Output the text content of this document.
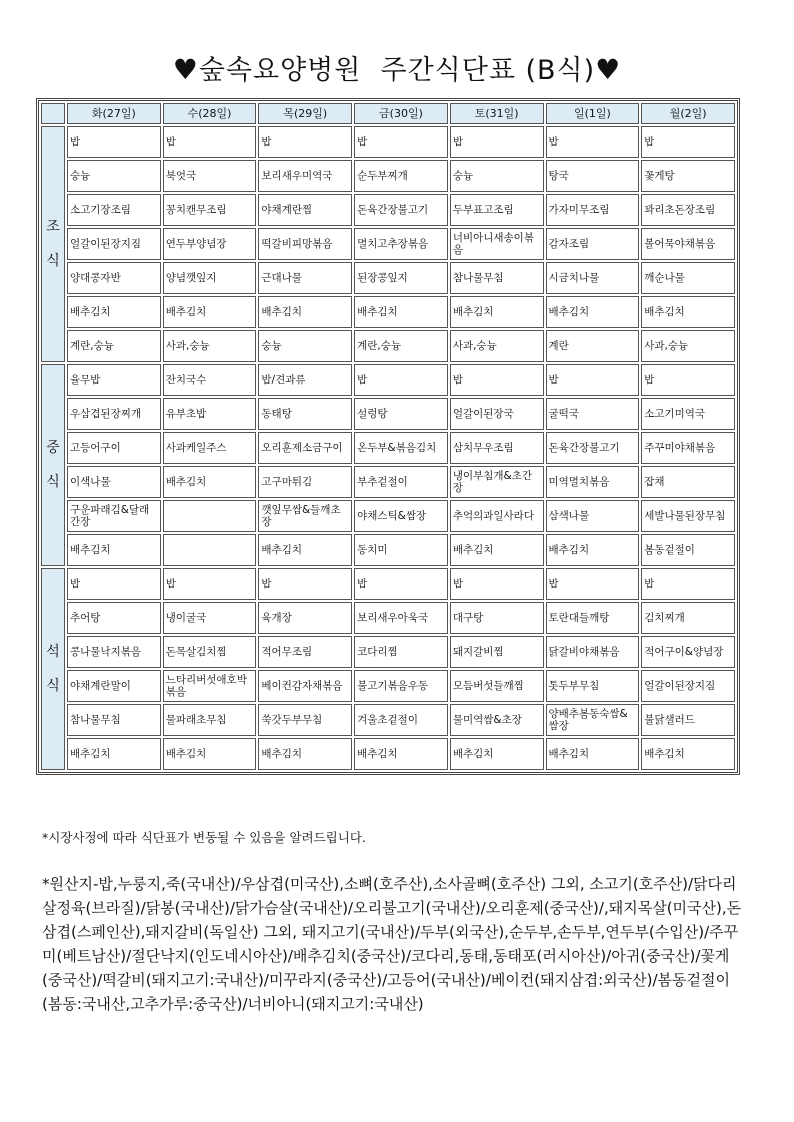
♥숲속요양병원  주간식단표 (B식)♥
	화(27일)	수(28일)	목(29일)	금(30일)	토(31일)	일(1일)	월(2일)

조
식	밥	밥	밥	밥	밥	밥	밥
	숭늉	북엇국	보리새우미역국	순두부찌개	숭늉	탕국	꽃게탕
	소고기장조림	꽁치캔무조림	야채계란찜	돈육간장불고기	두부표고조림	가자미무조림	꽈리초돈장조림
	얼갈이된장지짐	연두부양념장	떡갈비피망볶음	멸치고추장볶음	너비아니새송이볶음	감자조림	볼어묵야채볶음
	양대콩자반	양념깻잎지	근대나물	된장콩잎지	참나물무침	시금치나물	깨순나물
	배추김치	배추김치	배추김치	배추김치	배추김치	배추김치	배추김치
	계란,숭늉	사과,숭늉	숭늉	계란,숭늉	사과,숭늉	계란	사과,숭늉

중
식	율무밥	잔치국수	밥/견과류	밥	밥	밥	밥
	우삼겹된장찌개	유부초밥	동태탕	설렁탕	얼갈이된장국	굴떡국	소고기미역국
	고등어구이	사과케일주스	오리훈제소금구이	온두부&볶음김치	삼치무우조림	돈육간장불고기	주꾸미야채볶음
	이색나물	배추김치	고구마튀김	부추겉절이	냉이부침개&초간장	미역멸치볶음	잡채
	구운파래김&달래간장		깻잎무쌈&들깨초장	야채스틱&쌈장	추억의과일사라다	삼색나물	세발나물된장무침
	배추김치		배추김치	동치미	배추김치	배추김치	봄동겉절이

석
식	밥	밥	밥	밥	밥	밥	밥
	추어탕	냉이굴국	육개장	보리새우아욱국	대구탕	토란대들깨탕	김치찌개
	콩나물낙지볶음	돈목살김치찜	적어무조림	코다리찜	돼지갈비찜	닭갈비야채볶음	적어구이&양념장
	야채계란말이	느타리버섯애호박볶음	베이컨감자채볶음	불고기볶음우동	모듬버섯들깨찜	톳두부무침	얼갈이된장지짐
	참나물무침	물파래초무침	쑥갓두부무침	겨울초겉절이	물미역쌈&초장	양배추봄동숙쌈&쌈장	불닭샐러드
	배추김치	배추김치	배추김치	배추김치	배추김치	배추김치	배추김치
*시장사정에 따라 식단표가 변동될 수 있음을 알려드립니다.
*원산지-밥,누룽지,죽(국내산)/우삼겹(미국산),소뼈(호주산),소사골뼈(호주산) 그외, 소고기(호주산)/닭다리살정육(브라질)/닭봉(국내산)/닭가슴살(국내산)/오리불고기(국내산)/오리훈제(중국산)/,돼지목살(미국산),돈삼겹(스페인산),돼지갈비(독일산) 그외, 돼지고기(국내산)/두부(외국산),순두부,손두부,연두부(수입산)/주꾸미(베트남산)/절단낙지(인도네시아산)/배추김치(중국산)/코다리,동태,동태포(러시아산)/아귀(중국산)/꽃게(중국산)/떡갈비(돼지고기:국내산)/미꾸라지(중국산)/고등어(국내산)/베이컨(돼지삼겹:외국산)/봄동겉절이(봄동:국내산,고추가루:중국산)/너비아니(돼지고기:국내산)
